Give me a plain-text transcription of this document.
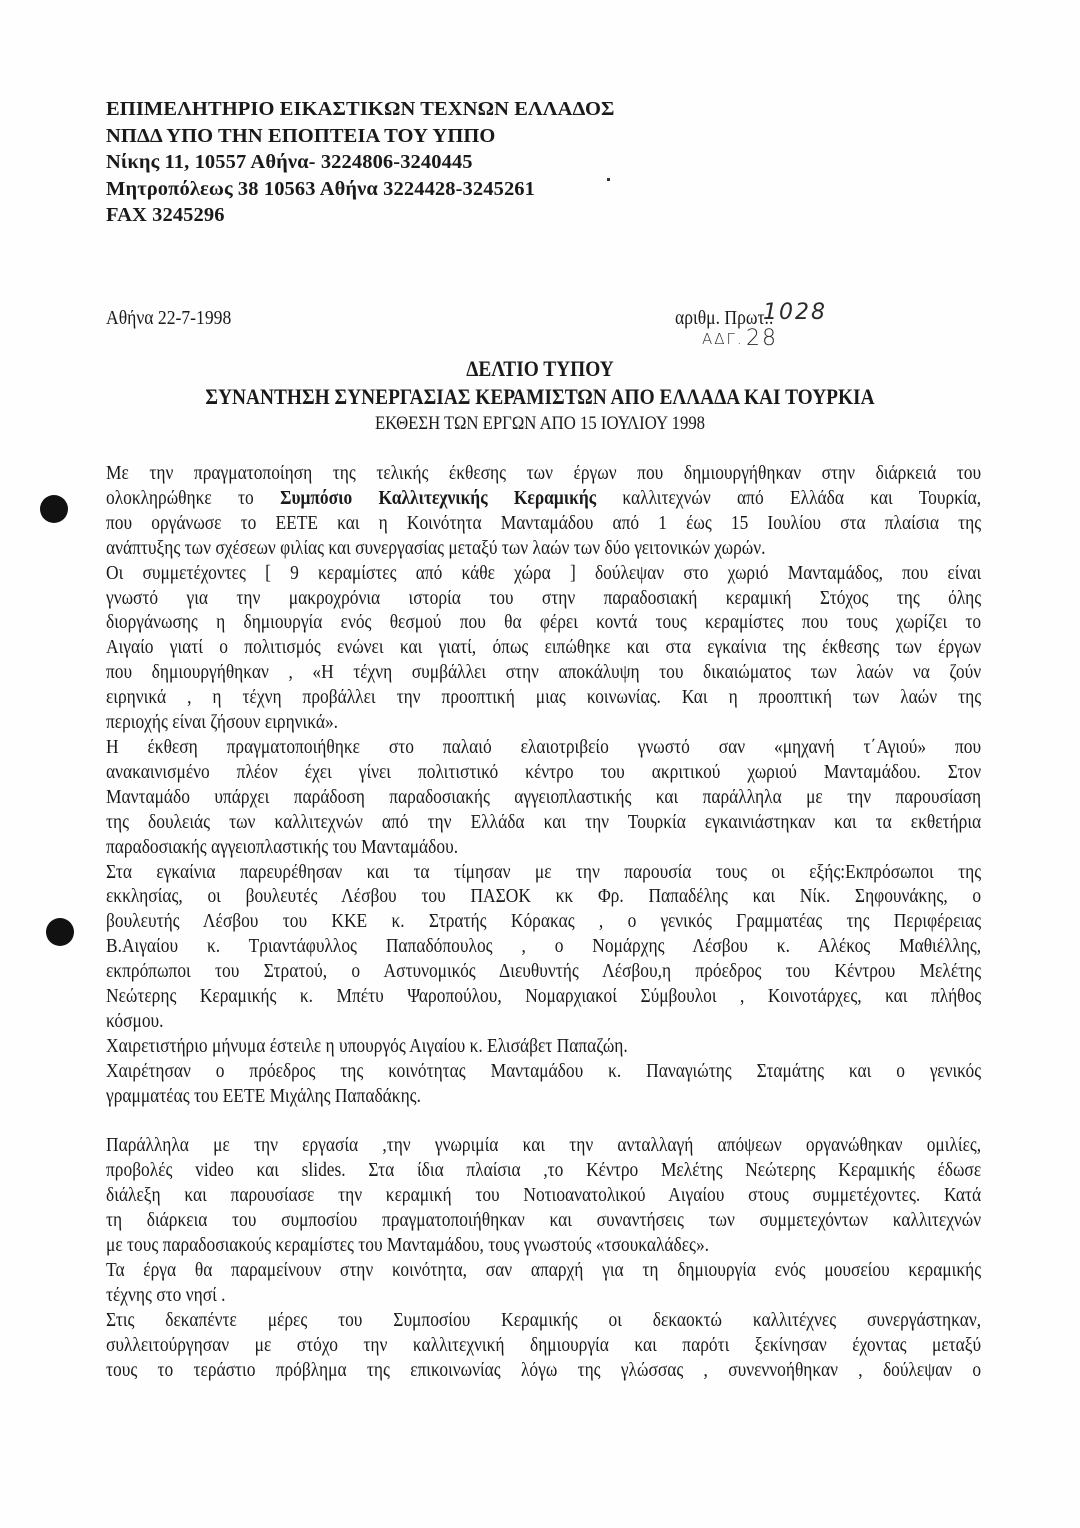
ΕΠΙΜΕΛΗΤΗΡΙΟ ΕΙΚΑΣΤΙΚΩΝ ΤΕΧΝΩΝ ΕΛΛΑΔΟΣ
ΝΠΔΔ ΥΠΟ ΤΗΝ ΕΠΟΠΤΕΙΑ ΤΟΥ ΥΠΠΟ
Νίκης 11, 10557 Αθήνα- 3224806-3240445
Μητροπόλεως 38 10563 Αθήνα 3224428-3245261
FAX 3245296
Αθήνα 22-7-1998	αριθμ. Πρωτ..
1028
ΑΔΓ. 28
ΔΕΛΤΙΟ ΤΥΠΟΥ
ΣΥΝΑΝΤΗΣΗ ΣΥΝΕΡΓΑΣΙΑΣ ΚΕΡΑΜΙΣΤΩΝ ΑΠΟ ΕΛΛΑΔΑ ΚΑΙ ΤΟΥΡΚΙΑ
ΕΚΘΕΣΗ ΤΩΝ ΕΡΓΩΝ ΑΠΟ 15 ΙΟΥΛΙΟΥ 1998
Με την πραγματοποίηση της τελικής έκθεσης των έργων που δημιουργήθηκαν στην διάρκειά του
ολοκληρώθηκε το Συμπόσιο Καλλιτεχνικής Κεραμικής καλλιτεχνών από Ελλάδα και Τουρκία,
που οργάνωσε το ΕΕΤΕ και η Κοινότητα Μανταμάδου από 1 έως 15 Ιουλίου στα πλαίσια της
ανάπτυξης των σχέσεων φιλίας και συνεργασίας μεταξύ των λαών των δύο γειτονικών χωρών.
Οι συμμετέχοντες [ 9 κεραμίστες από κάθε χώρα ] δούλεψαν στο χωριό Μανταμάδος, που είναι
γνωστό για την μακροχρόνια ιστορία του στην παραδοσιακή κεραμική Στόχος της όλης
διοργάνωσης η δημιουργία ενός θεσμού που θα φέρει κοντά τους κεραμίστες που τους χωρίζει το
Αιγαίο γιατί ο πολιτισμός ενώνει και γιατί, όπως ειπώθηκε και στα εγκαίνια της έκθεσης των έργων
που δημιουργήθηκαν , «Η τέχνη συμβάλλει στην αποκάλυψη του δικαιώματος των λαών να ζούν
ειρηνικά , η τέχνη προβάλλει την προοπτική μιας κοινωνίας. Και η προοπτική των λαών της
περιοχής είναι ζήσουν ειρηνικά».
Η έκθεση πραγματοποιήθηκε στο παλαιό ελαιοτριβείο γνωστό σαν «μηχανή τ΄Αγιού» που
ανακαινισμένο πλέον έχει γίνει πολιτιστικό κέντρο του ακριτικού χωριού Μανταμάδου. Στον
Μανταμάδο υπάρχει παράδοση παραδοσιακής αγγειοπλαστικής και παράλληλα με την παρουσίαση
της δουλειάς των καλλιτεχνών από την Ελλάδα και την Τουρκία εγκαινιάστηκαν και τα εκθετήρια
παραδοσιακής αγγειοπλαστικής του Μανταμάδου.
Στα εγκαίνια παρευρέθησαν και τα τίμησαν με την παρουσία τους οι εξής:Εκπρόσωποι της
εκκλησίας, οι βουλευτές Λέσβου του ΠΑΣΟΚ κκ Φρ. Παπαδέλης και Νίκ. Σηφουνάκης, ο
βουλευτής Λέσβου του ΚΚΕ κ. Στρατής Κόρακας , ο γενικός Γραμματέας της Περιφέρειας
Β.Αιγαίου κ. Τριαντάφυλλος Παπαδόπουλος , ο Νομάρχης Λέσβου κ. Αλέκος Μαθιέλλης,
εκπρόπωποι του Στρατού, ο Αστυνομικός Διευθυντής Λέσβου,η πρόεδρος του Κέντρου Μελέτης
Νεώτερης Κεραμικής κ. Μπέτυ Ψαροπούλου, Νομαρχιακοί Σύμβουλοι , Κοινοτάρχες, και πλήθος
κόσμου.
Χαιρετιστήριο μήνυμα έστειλε η υπουργός Αιγαίου κ. Ελισάβετ Παπαζώη.
Χαιρέτησαν ο πρόεδρος της κοινότητας Μανταμάδου κ. Παναγιώτης Σταμάτης και ο γενικός
γραμματέας του ΕΕΤΕ Μιχάλης Παπαδάκης.
Παράλληλα με την εργασία ,την γνωριμία και την ανταλλαγή απόψεων οργανώθηκαν ομιλίες,
προβολές video και slides. Στα ίδια πλαίσια ,το Κέντρο Μελέτης Νεώτερης Κεραμικής έδωσε
διάλεξη και παρουσίασε την κεραμική του Νοτιοανατολικού Αιγαίου στους συμμετέχοντες. Κατά
τη διάρκεια του συμποσίου πραγματοποιήθηκαν και συναντήσεις των συμμετεχόντων καλλιτεχνών
με τους παραδοσιακούς κεραμίστες του Μανταμάδου, τους γνωστούς «τσουκαλάδες».
Τα έργα θα παραμείνουν στην κοινότητα, σαν απαρχή για τη δημιουργία ενός μουσείου κεραμικής
τέχνης στο νησί .
Στις δεκαπέντε μέρες του Συμποσίου Κεραμικής οι δεκαοκτώ καλλιτέχνες συνεργάστηκαν,
συλλειτούργησαν με στόχο την καλλιτεχνική δημιουργία και παρότι ξεκίνησαν έχοντας μεταξύ
τους το τεράστιο πρόβλημα της επικοινωνίας λόγω της γλώσσας , συνεννοήθηκαν , δούλεψαν ο
